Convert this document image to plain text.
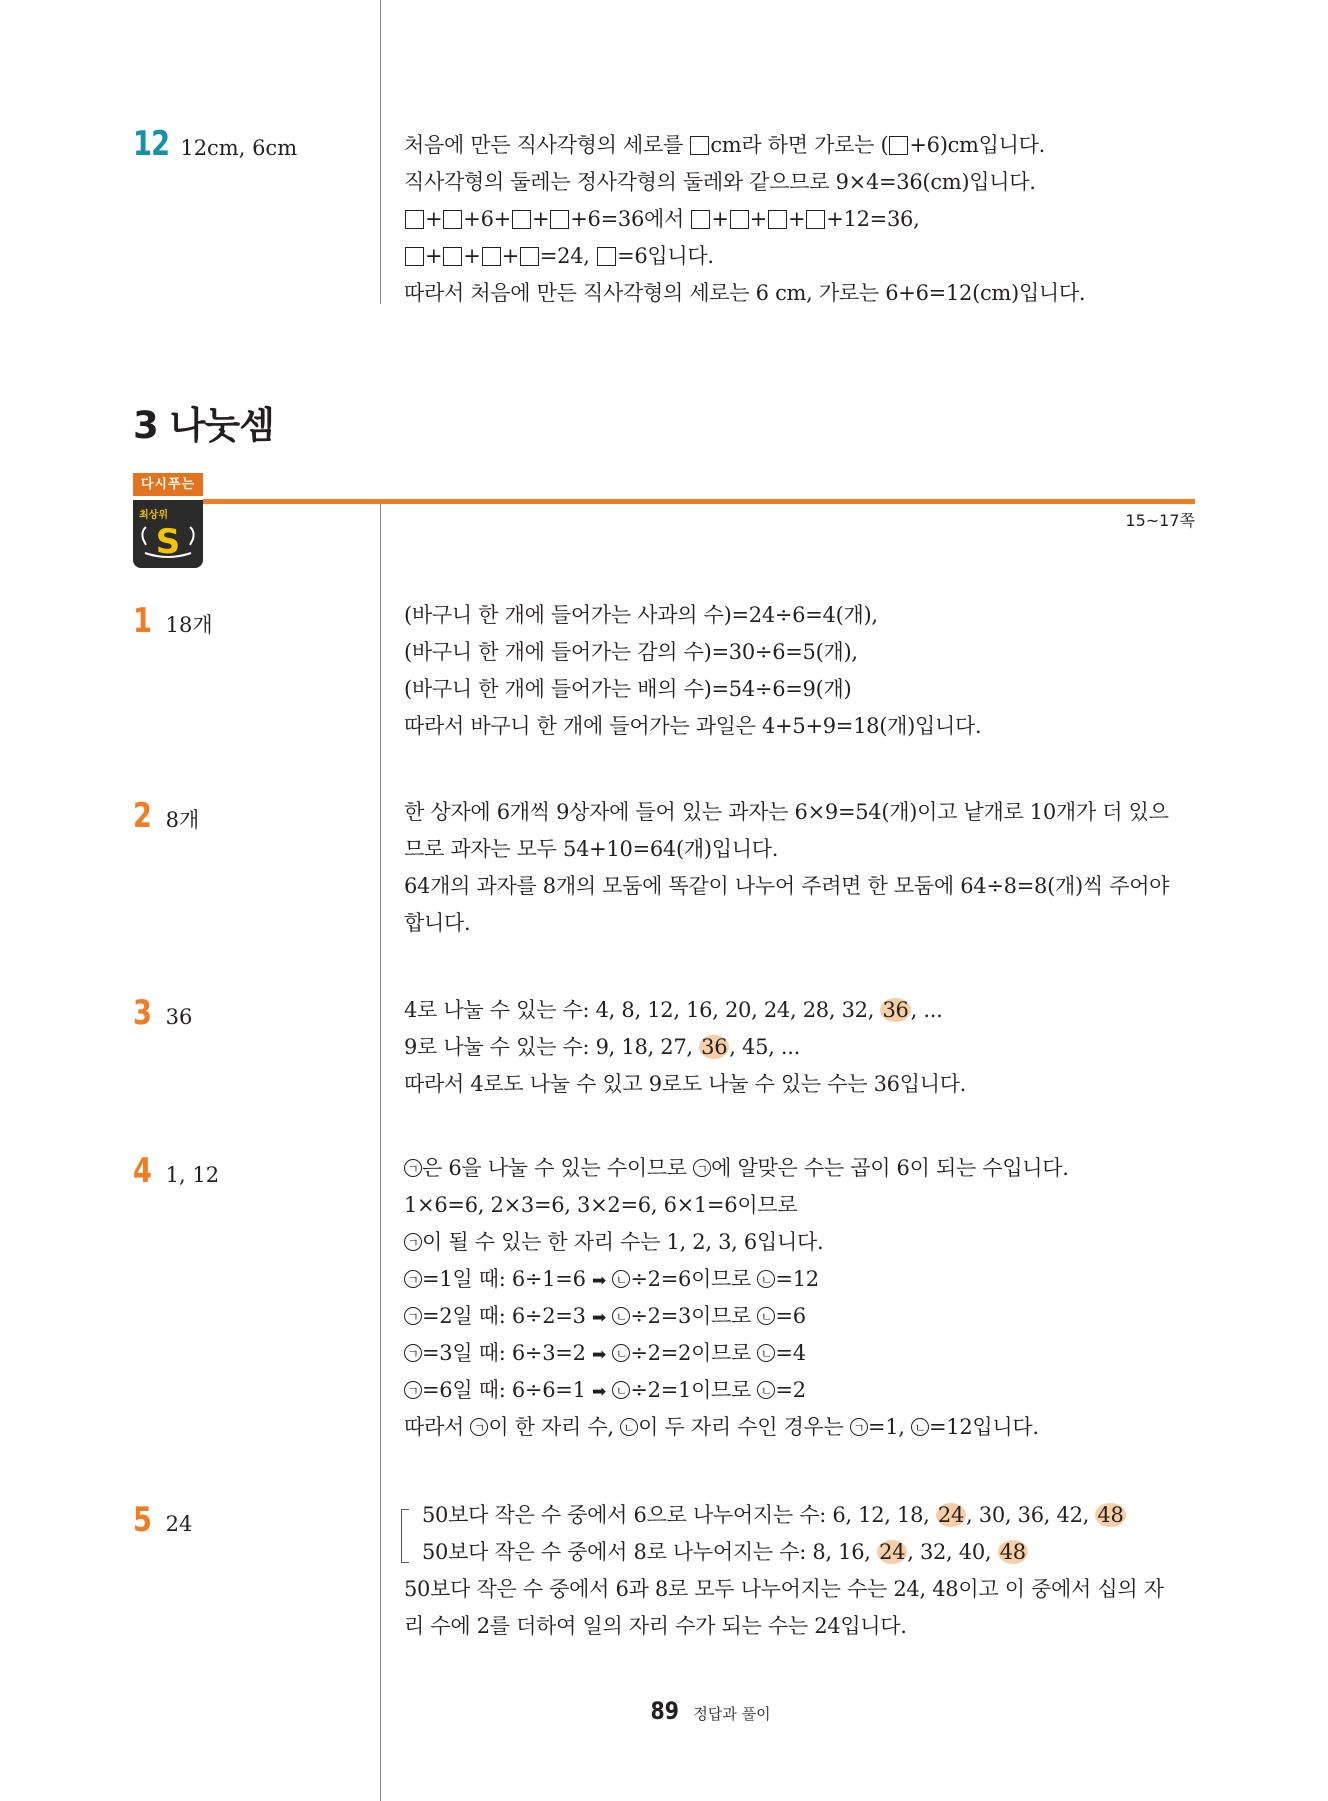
12 12cm, 6cm	처음에 만든 직사각형의 세로를 cm라 하면 가로는 ( +6)cm입니다.
직사각형의 둘레는 정사각형의 둘레와 같으므로 9×4=36(cm)입니다.
+ +6+ + +6=36에서 + + + +12=36,
+ + + =24, =6입니다.
따라서 처음에 만든 직사각형의 세로는 6 cm, 가로는 6+6=12(cm)입니다.
3 나눗셈
다시푸는
최상위
S
15~17쪽
1 18개	(바구니 한 개에 들어가는 사과의 수)=24÷6=4(개),
(바구니 한 개에 들어가는 감의 수)=30÷6=5(개),
(바구니 한 개에 들어가는 배의 수)=54÷6=9(개)
따라서 바구니 한 개에 들어가는 과일은 4+5+9=18(개)입니다.
2 8개	한 상자에 6개씩 9상자에 들어 있는 과자는 6×9=54(개)이고 낱개로 10개가 더 있으
므로 과자는 모두 54+10=64(개)입니다.
64개의 과자를 8개의 모둠에 똑같이 나누어 주려면 한 모둠에 64÷8=8(개)씩 주어야
합니다.
3 36	4로 나눌 수 있는 수: 4, 8, 12, 16, 20, 24, 28, 32, 36, ...
9로 나눌 수 있는 수: 9, 18, 27, 36, 45, ...
따라서 4로도 나눌 수 있고 9로도 나눌 수 있는 수는 36입니다.
4 1, 12	ㄱ 은 6을 나눌 수 있는 수이므로 ㄱ 에 알맞은 수는 곱이 6이 되는 수입니다.
1×6=6, 2×3=6, 3×2=6, 6×1=6이므로
ㄱ 이 될 수 있는 한 자리 수는 1, 2, 3, 6입니다.
ㄱ =1일 때: 6÷1=6 ➡ ㄴ ÷2=6이므로 ㄴ =12
ㄱ =2일 때: 6÷2=3 ➡ ㄴ ÷2=3이므로 ㄴ =6
ㄱ =3일 때: 6÷3=2 ➡ ㄴ ÷2=2이므로 ㄴ =4
ㄱ =6일 때: 6÷6=1 ➡ ㄴ ÷2=1이므로 ㄴ =2
따라서 ㄱ 이 한 자리 수, ㄴ 이 두 자리 수인 경우는 ㄱ =1, ㄴ =12입니다.
5 24	50보다 작은 수 중에서 6으로 나누어지는 수: 6, 12, 18, 24, 30, 36, 42, 48
50보다 작은 수 중에서 8로 나누어지는 수: 8, 16, 24, 32, 40, 48
50보다 작은 수 중에서 6과 8로 모두 나누어지는 수는 24, 48이고 이 중에서 십의 자
리 수에 2를 더하여 일의 자리 수가 되는 수는 24입니다.
89 정답과 풀이
